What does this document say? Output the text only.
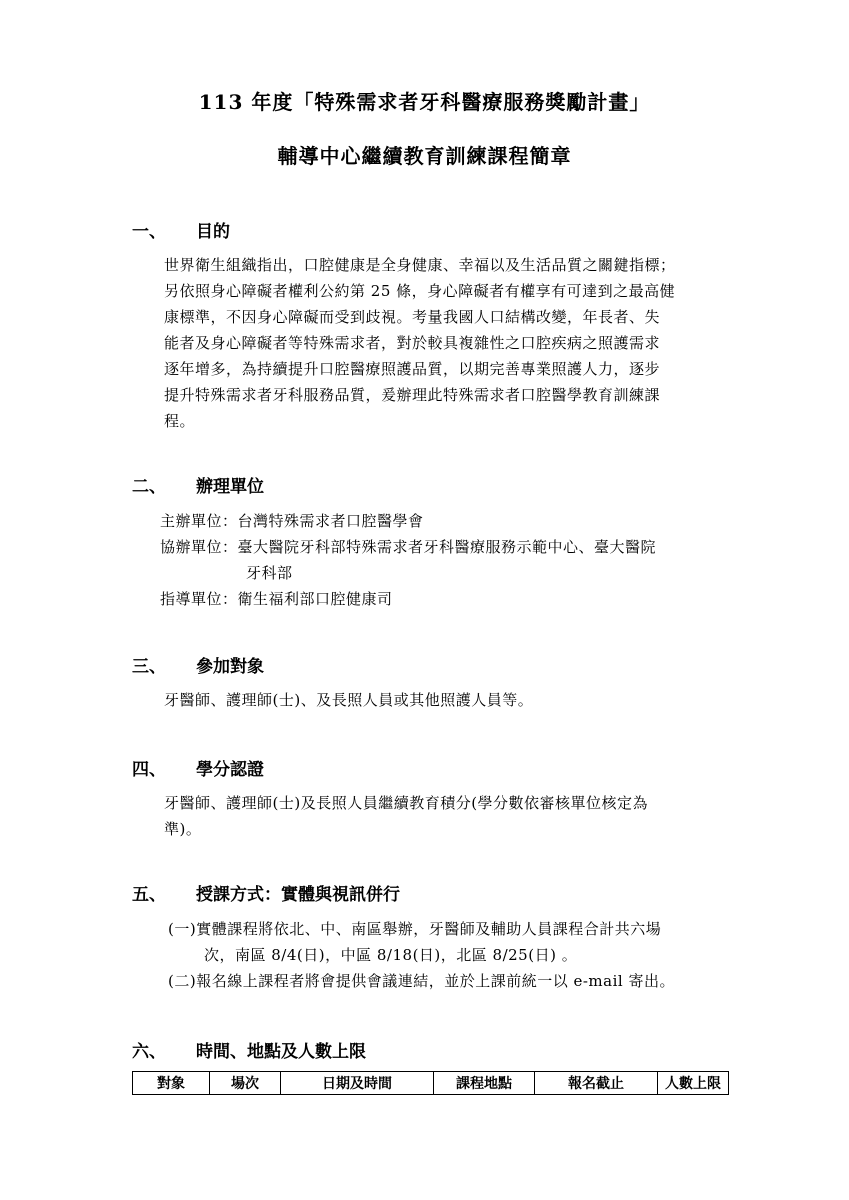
113 年度「特殊需求者牙科醫療服務獎勵計畫」
輔導中心繼續教育訓練課程簡章
一、 目的
世界衛生組織指出，口腔健康是全身健康、幸福以及生活品質之關鍵指標；
另依照身心障礙者權利公約第 25 條，身心障礙者有權享有可達到之最高健
康標準，不因身心障礙而受到歧視。考量我國人口結構改變，年長者、失
能者及身心障礙者等特殊需求者，對於較具複雜性之口腔疾病之照護需求
逐年增多，為持續提升口腔醫療照護品質，以期完善專業照護人力，逐步
提升特殊需求者牙科服務品質，爰辦理此特殊需求者口腔醫學教育訓練課
程。
二、 辦理單位
主辦單位：台灣特殊需求者口腔醫學會
協辦單位：臺大醫院牙科部特殊需求者牙科醫療服務示範中心、臺大醫院
牙科部
指導單位：衛生福利部口腔健康司
三、 參加對象
牙醫師、護理師(士)、及長照人員或其他照護人員等。
四、 學分認證
牙醫師、護理師(士)及長照人員繼續教育積分(學分數依審核單位核定為
準)。
五、 授課方式：實體與視訊併行
(一)實體課程將依北、中、南區舉辦，牙醫師及輔助人員課程合計共六場
次，南區 8/4(日)，中區 8/18(日)，北區 8/25(日) 。
(二)報名線上課程者將會提供會議連結，並於上課前統一以 e-mail 寄出。
六、 時間、地點及人數上限
對象	場次	日期及時間	課程地點	報名截止	人數上限
